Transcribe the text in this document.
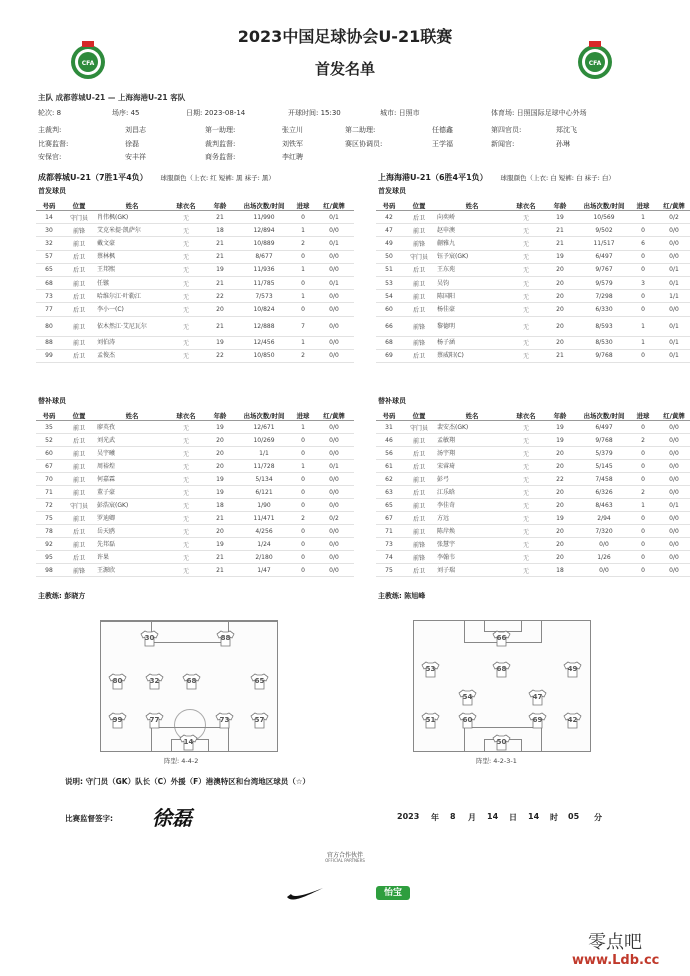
2023中国足球协会U-21联赛
首发名单
CFA	CFA
主队 成都蓉城U-21 — 上海海港U-21 客队
轮次: 8	场序: 45	日期: 2023-08-14	开球时间: 15:30	城市: 日照市	体育场: 日照国际足球中心外场
主裁判:	刘昌志	第一助理:	张立川	第二助理:	任德鑫	第四官员:	郑沈飞
比赛监督:	徐磊	裁判监督:	刘铁军	赛区协调员:	王学福	新闻官:	孙琳
安保官:	安丰祥	商务监督:	李红聘
成都蓉城U-21（7胜1平4负） 球服颜色（上衣: 红 短裤: 黑 袜子: 黑）	上海海港U-21（6胜4平1负） 球服颜色（上衣: 白 短裤: 白 袜子: 白）
首发球员	首发球员
号码	位置	姓名	球衣名	年龄	出场次数/时间	进球	红/黄牌
14	守门员	肖伟枫(GK)	无	21	11/990	0	0/1
30	前锋	艾克米提·凯萨尔	无	18	12/894	1	0/0
32	前卫	戴文豪	无	21	10/889	2	0/1
57	后卫	蔡林枫	无	21	8/677	0	0/0
65	后卫	王邦熙	无	19	11/936	1	0/0
68	前卫	任镞	无	21	11/785	0	0/1
73	后卫	哈维尔江·叶勒江	无	22	7/573	1	0/0
77	后卫	李小一(C)	无	20	10/824	0	0/0
80	前卫	依木然江·艾尼瓦尔	无	21	12/888	7	0/0
88	前卫	刘伯涛	无	19	12/456	1	0/0
99	后卫	孟俊杰	无	22	10/850	2	0/0
号码	位置	姓名	球衣名	年龄	出场次数/时间	进球	红/黄牌
42	后卫	向奕峤	无	19	10/569	1	0/2
47	前卫	赵申澳	无	21	9/502	0	0/0
49	前锋	蒯雅九	无	21	11/517	6	0/0
50	守门员	钰予宸(GK)	无	19	6/497	0	0/0
51	后卫	王东苑	无	20	9/767	0	0/1
53	前卫	吴钧	无	20	9/579	3	0/1
54	前卫	陈国阳	无	20	7/298	0	1/1
60	后卫	杨佳豪	无	20	6/330	0	0/0
66	前锋	黎德明	无	20	8/593	1	0/1
68	前锋	杨子涵	无	20	8/530	1	0/1
69	后卫	蔡威阳(C)	无	21	9/768	0	0/1
替补球员	替补球员
号码	位置	姓名	球衣名	年龄	出场次数/时间	进球	红/黄牌
35	前卫	廖英孜	无	19	12/671	1	0/0
52	后卫	刘光武	无	20	10/269	0	0/0
60	前卫	吴宇曦	无	20	1/1	0	0/0
67	前卫	周裕煌	无	20	11/728	1	0/1
70	前卫	何嘉霖	无	19	5/134	0	0/0
71	前卫	董子豪	无	19	6/121	0	0/0
72	守门员	彭浩宸(GK)	无	18	1/90	0	0/0
75	前卫	罗迪卿	无	21	11/471	2	0/2
78	后卫	岳天鸥	无	20	4/256	0	0/0
92	前卫	先邦磊	无	19	1/24	0	0/0
95	后卫	许果	无	21	2/180	0	0/0
98	前锋	王源欣	无	21	1/47	0	0/0
号码	位置	姓名	球衣名	年龄	出场次数/时间	进球	红/黄牌
31	守门员	裴安杰(GK)	无	19	6/497	0	0/0
46	前卫	孟敏翔	无	19	9/768	2	0/0
56	后卫	汤宇翔	无	20	5/379	0	0/0
61	后卫	宋睿琦	无	20	5/145	0	0/0
62	前卫	彭弓	无	22	7/458	0	0/0
63	后卫	江乐晗	无	20	6/326	2	0/0
65	前卫	李佳奇	无	20	8/463	1	0/1
67	后卫	方远	无	19	2/94	0	0/0
71	前卫	陈岸焕	无	20	7/320	0	0/0
73	前锋	张慧宇	无	20	0/0	0	0/0
74	前锋	李翰韦	无	20	1/26	0	0/0
75	后卫	刘子瑞	无	18	0/0	0	0/0
主教练: 彭晓方	主教练: 陈旭峰
30	88
80	32	68	65
99	77	73	57
14
66
53	68	49
54	47
51	60	69	42
50
阵型: 4-4-2	阵型: 4-2-3-1
说明: 守门员（GK）队长（C）外援（F）港澳特区和台湾地区球员（☆）
比赛监督签字: 徐磊	2023 年 8 月 14 日 14 时 05 分
官方合作伙伴
OFFICIAL PARTNERS
怡宝
零点吧
www.Ldb.cc
